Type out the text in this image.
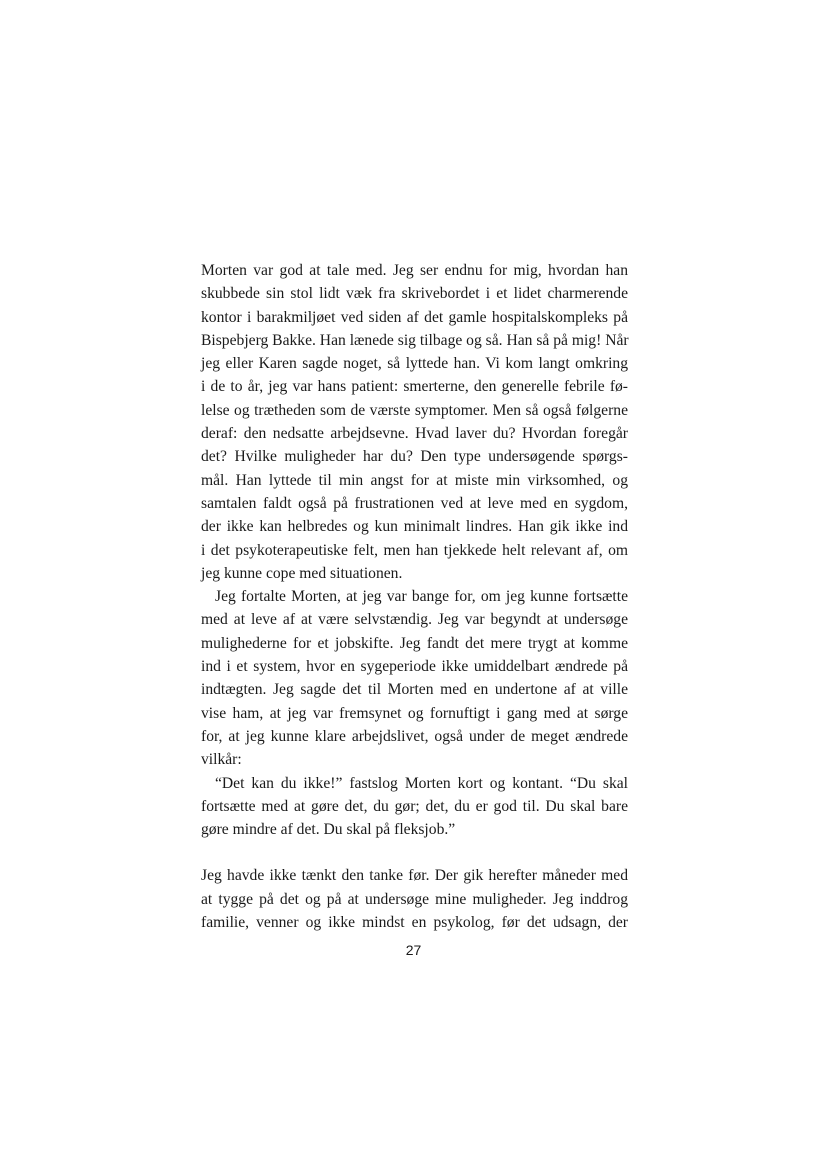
Morten var god at tale med. Jeg ser endnu for mig, hvordan han
skubbede sin stol lidt væk fra skrivebordet i et lidet charmerende
kontor i barakmiljøet ved siden af det gamle hospitalskompleks på
Bispebjerg Bakke. Han lænede sig tilbage og så. Han så på mig! Når
jeg eller Karen sagde noget, så lyttede han. Vi kom langt omkring
i de to år, jeg var hans patient: smerterne, den generelle febrile fø-
lelse og trætheden som de værste symptomer. Men så også følgerne
deraf: den nedsatte arbejdsevne. Hvad laver du? Hvordan foregår
det? Hvilke muligheder har du? Den type undersøgende spørgs-
mål. Han lyttede til min angst for at miste min virksomhed, og
samtalen faldt også på frustrationen ved at leve med en sygdom,
der ikke kan helbredes og kun minimalt lindres. Han gik ikke ind
i det psykoterapeutiske felt, men han tjekkede helt relevant af, om
jeg kunne cope med situationen.
Jeg fortalte Morten, at jeg var bange for, om jeg kunne fortsætte
med at leve af at være selvstændig. Jeg var begyndt at undersøge
mulighederne for et jobskifte. Jeg fandt det mere trygt at komme
ind i et system, hvor en sygeperiode ikke umiddelbart ændrede på
indtægten. Jeg sagde det til Morten med en undertone af at ville
vise ham, at jeg var fremsynet og fornuftigt i gang med at sørge
for, at jeg kunne klare arbejdslivet, også under de meget ændrede
vilkår:
“Det kan du ikke!” fastslog Morten kort og kontant. “Du skal
fortsætte med at gøre det, du gør; det, du er god til. Du skal bare
gøre mindre af det. Du skal på fleksjob.”
Jeg havde ikke tænkt den tanke før. Der gik herefter måneder med
at tygge på det og på at undersøge mine muligheder. Jeg inddrog
familie, venner og ikke mindst en psykolog, før det udsagn, der
27
